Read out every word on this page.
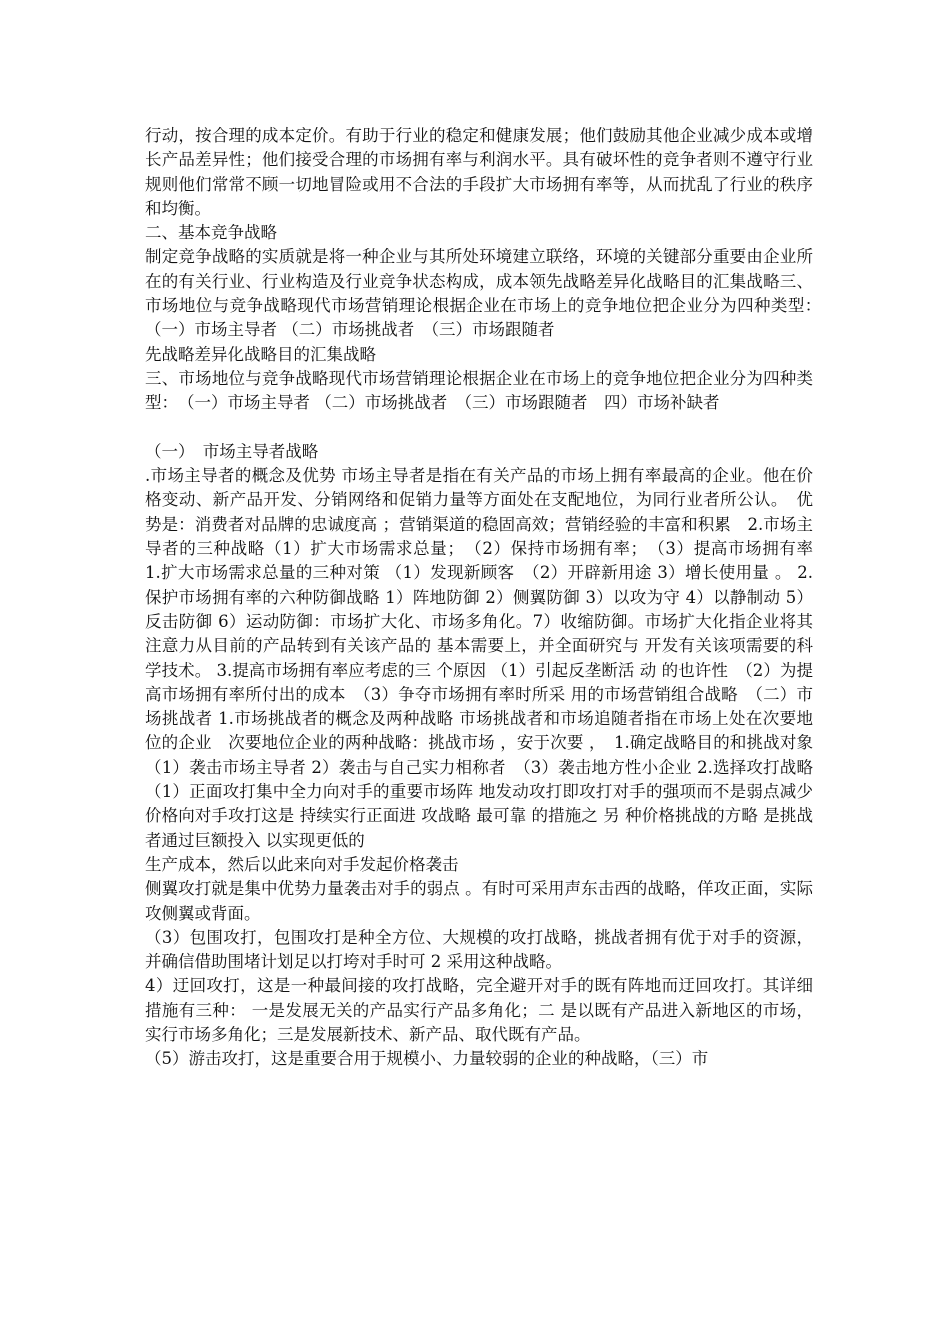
行动，按合理的成本定价。有助于行业的稳定和健康发展；他们鼓励其他企业减少成本或增长产品差异性；他们接受合理的市场拥有率与利润水平。具有破坏性的竞争者则不遵守行业规则他们常常不顾一切地冒险或用不合法的手段扩大市场拥有率等，从而扰乱了行业的秩序和均衡。

二、基本竞争战略

制定竞争战略的实质就是将一种企业与其所处环境建立联络，环境的关键部分重要由企业所在的有关行业、行业构造及行业竞争状态构成，成本领先战略差异化战略目的汇集战略三、市场地位与竞争战略现代市场营销理论根据企业在市场上的竞争地位把企业分为四种类型：　（一）市场主导者 （二）市场挑战者　（三）市场跟随者

先战略差异化战略目的汇集战略

三、市场地位与竞争战略现代市场营销理论根据企业在市场上的竞争地位把企业分为四种类型：　（一）市场主导者 （二）市场挑战者　（三）市场跟随者　四）市场补缺者

（一）　市场主导者战略

.市场主导者的概念及优势 市场主导者是指在有关产品的市场上拥有率最高的企业。他在价格变动、新产品开发、分销网络和促销力量等方面处在支配地位，为同行业者所公认。　优势是：消费者对品牌的忠诚度高 ；营销渠道的稳固高效；营销经验的丰富和积累　2.市场主导者的三种战略（1）扩大市场需求总量；　（2）保持市场拥有率；　（3）提高市场拥有率　1.扩大市场需求总量的三种对策 （1）发现新顾客　（2）开辟新用途 3）增长使用量 。 2.保护市场拥有率的六种防御战略 1）阵地防御 2）侧翼防御 3）以攻为守 4）以静制动 5）反击防御 6）运动防御：市场扩大化、市场多角化。7）收缩防御。市场扩大化指企业将其注意力从目前的产品转到有关该产品的 基本需要上，并全面研究与 开发有关该项需要的科学技术。 3.提高市场拥有率应考虑的三 个原因 （1）引起反垄断活 动 的也许性　（2）为提高市场拥有率所付出的成本　（3）争夺市场拥有率时所采 用的市场营销组合战略　（二）市场挑战者 1.市场挑战者的概念及两种战略 市场挑战者和市场追随者指在市场上处在次要地位的企业　次要地位企业的两种战略：挑战市场 ，安于次要 ，　1.确定战略目的和挑战对象（1）袭击市场主导者 2）袭击与自己实力相称者　（3）袭击地方性小企业 2.选择攻打战略 （1）正面攻打集中全力向对手的重要市场阵 地发动攻打即攻打对手的强项而不是弱点减少价格向对手攻打这是 持续实行正面进 攻战略 最可靠 的措施之 另 种价格挑战的方略 是挑战者通过巨额投入 以实现更低的

生产成本，然后以此来向对手发起价格袭击

侧翼攻打就是集中优势力量袭击对手的弱点 。有时可采用声东击西的战略，佯攻正面，实际攻侧翼或背面。

（3）包围攻打，包围攻打是种全方位、大规模的攻打战略，挑战者拥有优于对手的资源，并确信借助围堵计划足以打垮对手时可 2 采用这种战略。

4）迂回攻打，这是一种最间接的攻打战略，完全避开对手的既有阵地而迂回攻打。其详细措施有三种： 一是发展无关的产品实行产品多角化；二 是以既有产品进入新地区的市场，实行市场多角化；三是发展新技术、新产品、取代既有产品。

（5）游击攻打，这是重要合用于规模小、力量较弱的企业的种战略，（三）市
